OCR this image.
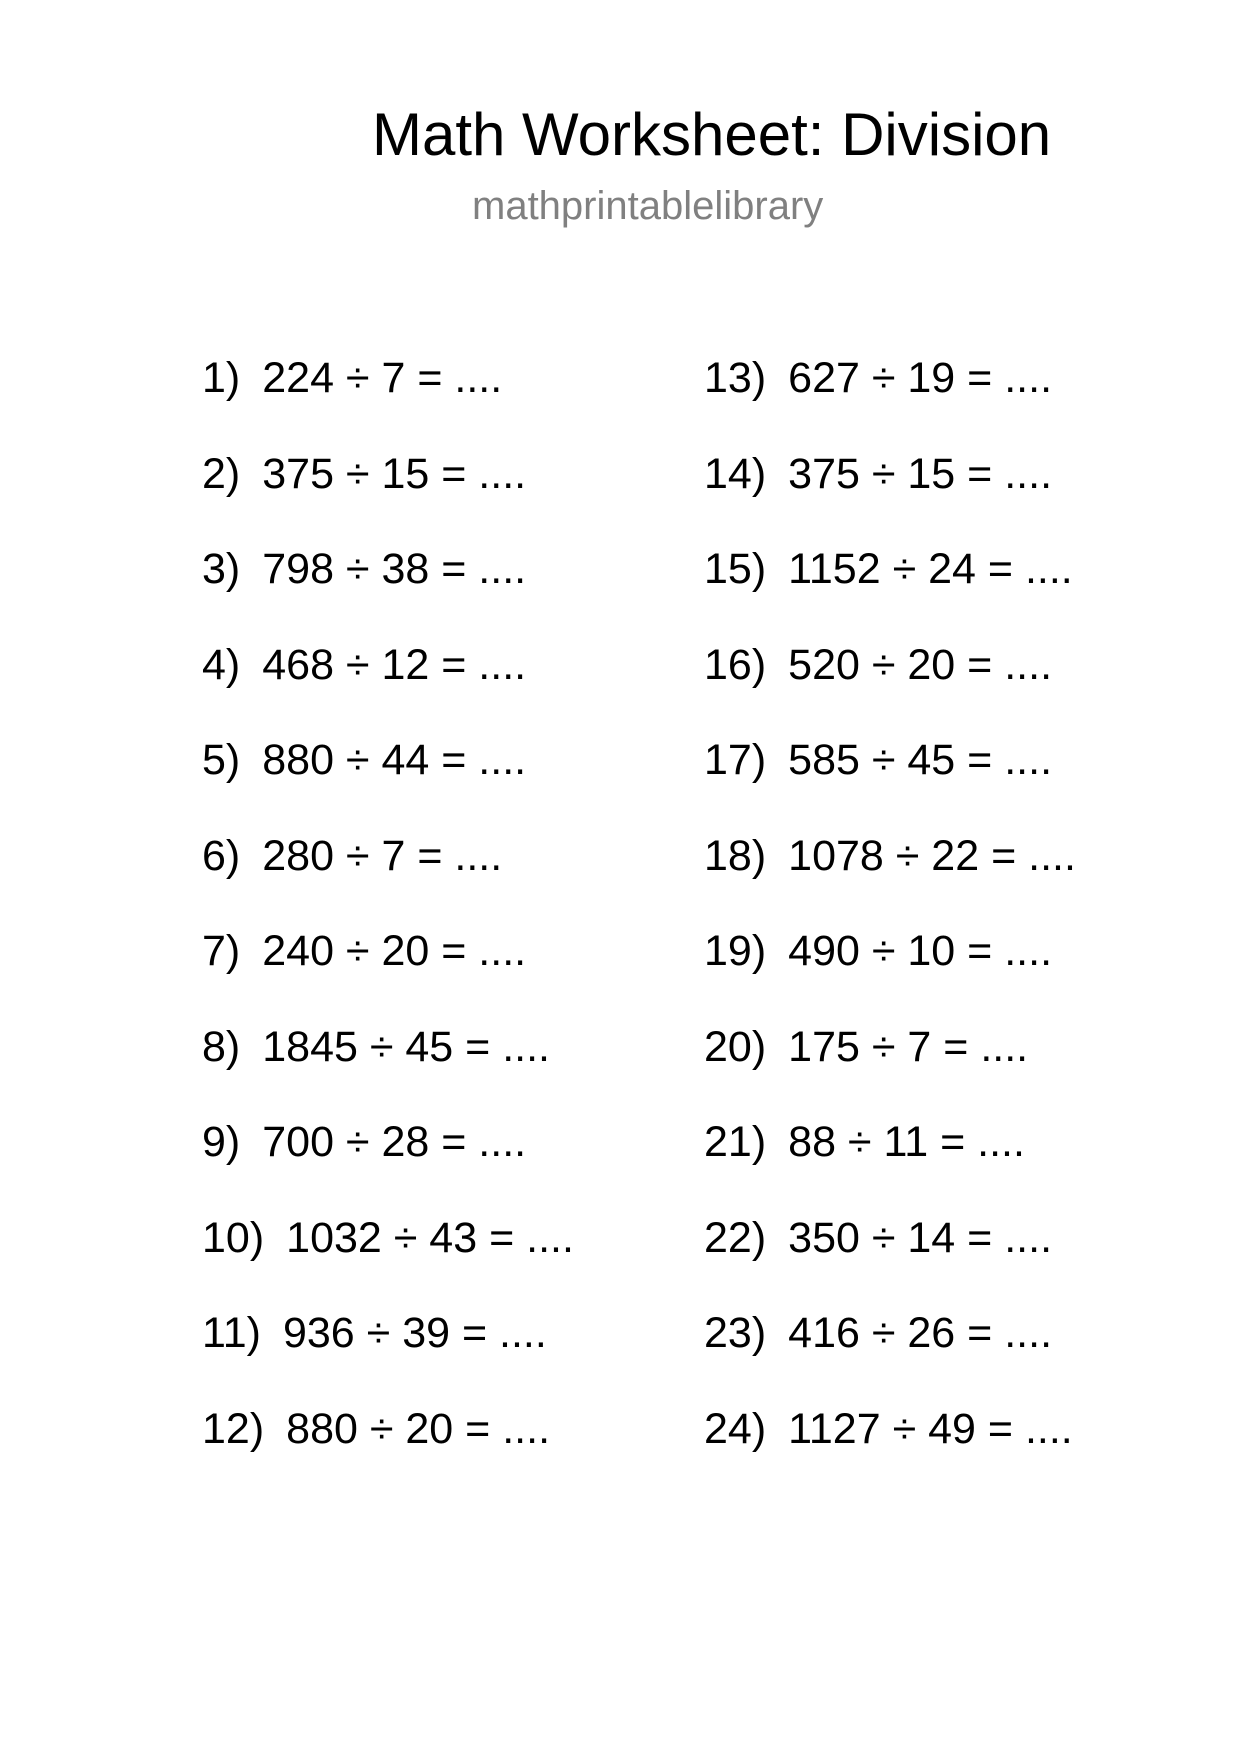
Math Worksheet: Division
mathprintablelibrary
1) 224 ÷ 7 = ....
2) 375 ÷ 15 = ....
3) 798 ÷ 38 = ....
4) 468 ÷ 12 = ....
5) 880 ÷ 44 = ....
6) 280 ÷ 7 = ....
7) 240 ÷ 20 = ....
8) 1845 ÷ 45 = ....
9) 700 ÷ 28 = ....
10) 1032 ÷ 43 = ....
11) 936 ÷ 39 = ....
12) 880 ÷ 20 = ....
13) 627 ÷ 19 = ....
14) 375 ÷ 15 = ....
15) 1152 ÷ 24 = ....
16) 520 ÷ 20 = ....
17) 585 ÷ 45 = ....
18) 1078 ÷ 22 = ....
19) 490 ÷ 10 = ....
20) 175 ÷ 7 = ....
21) 88 ÷ 11 = ....
22) 350 ÷ 14 = ....
23) 416 ÷ 26 = ....
24) 1127 ÷ 49 = ....
